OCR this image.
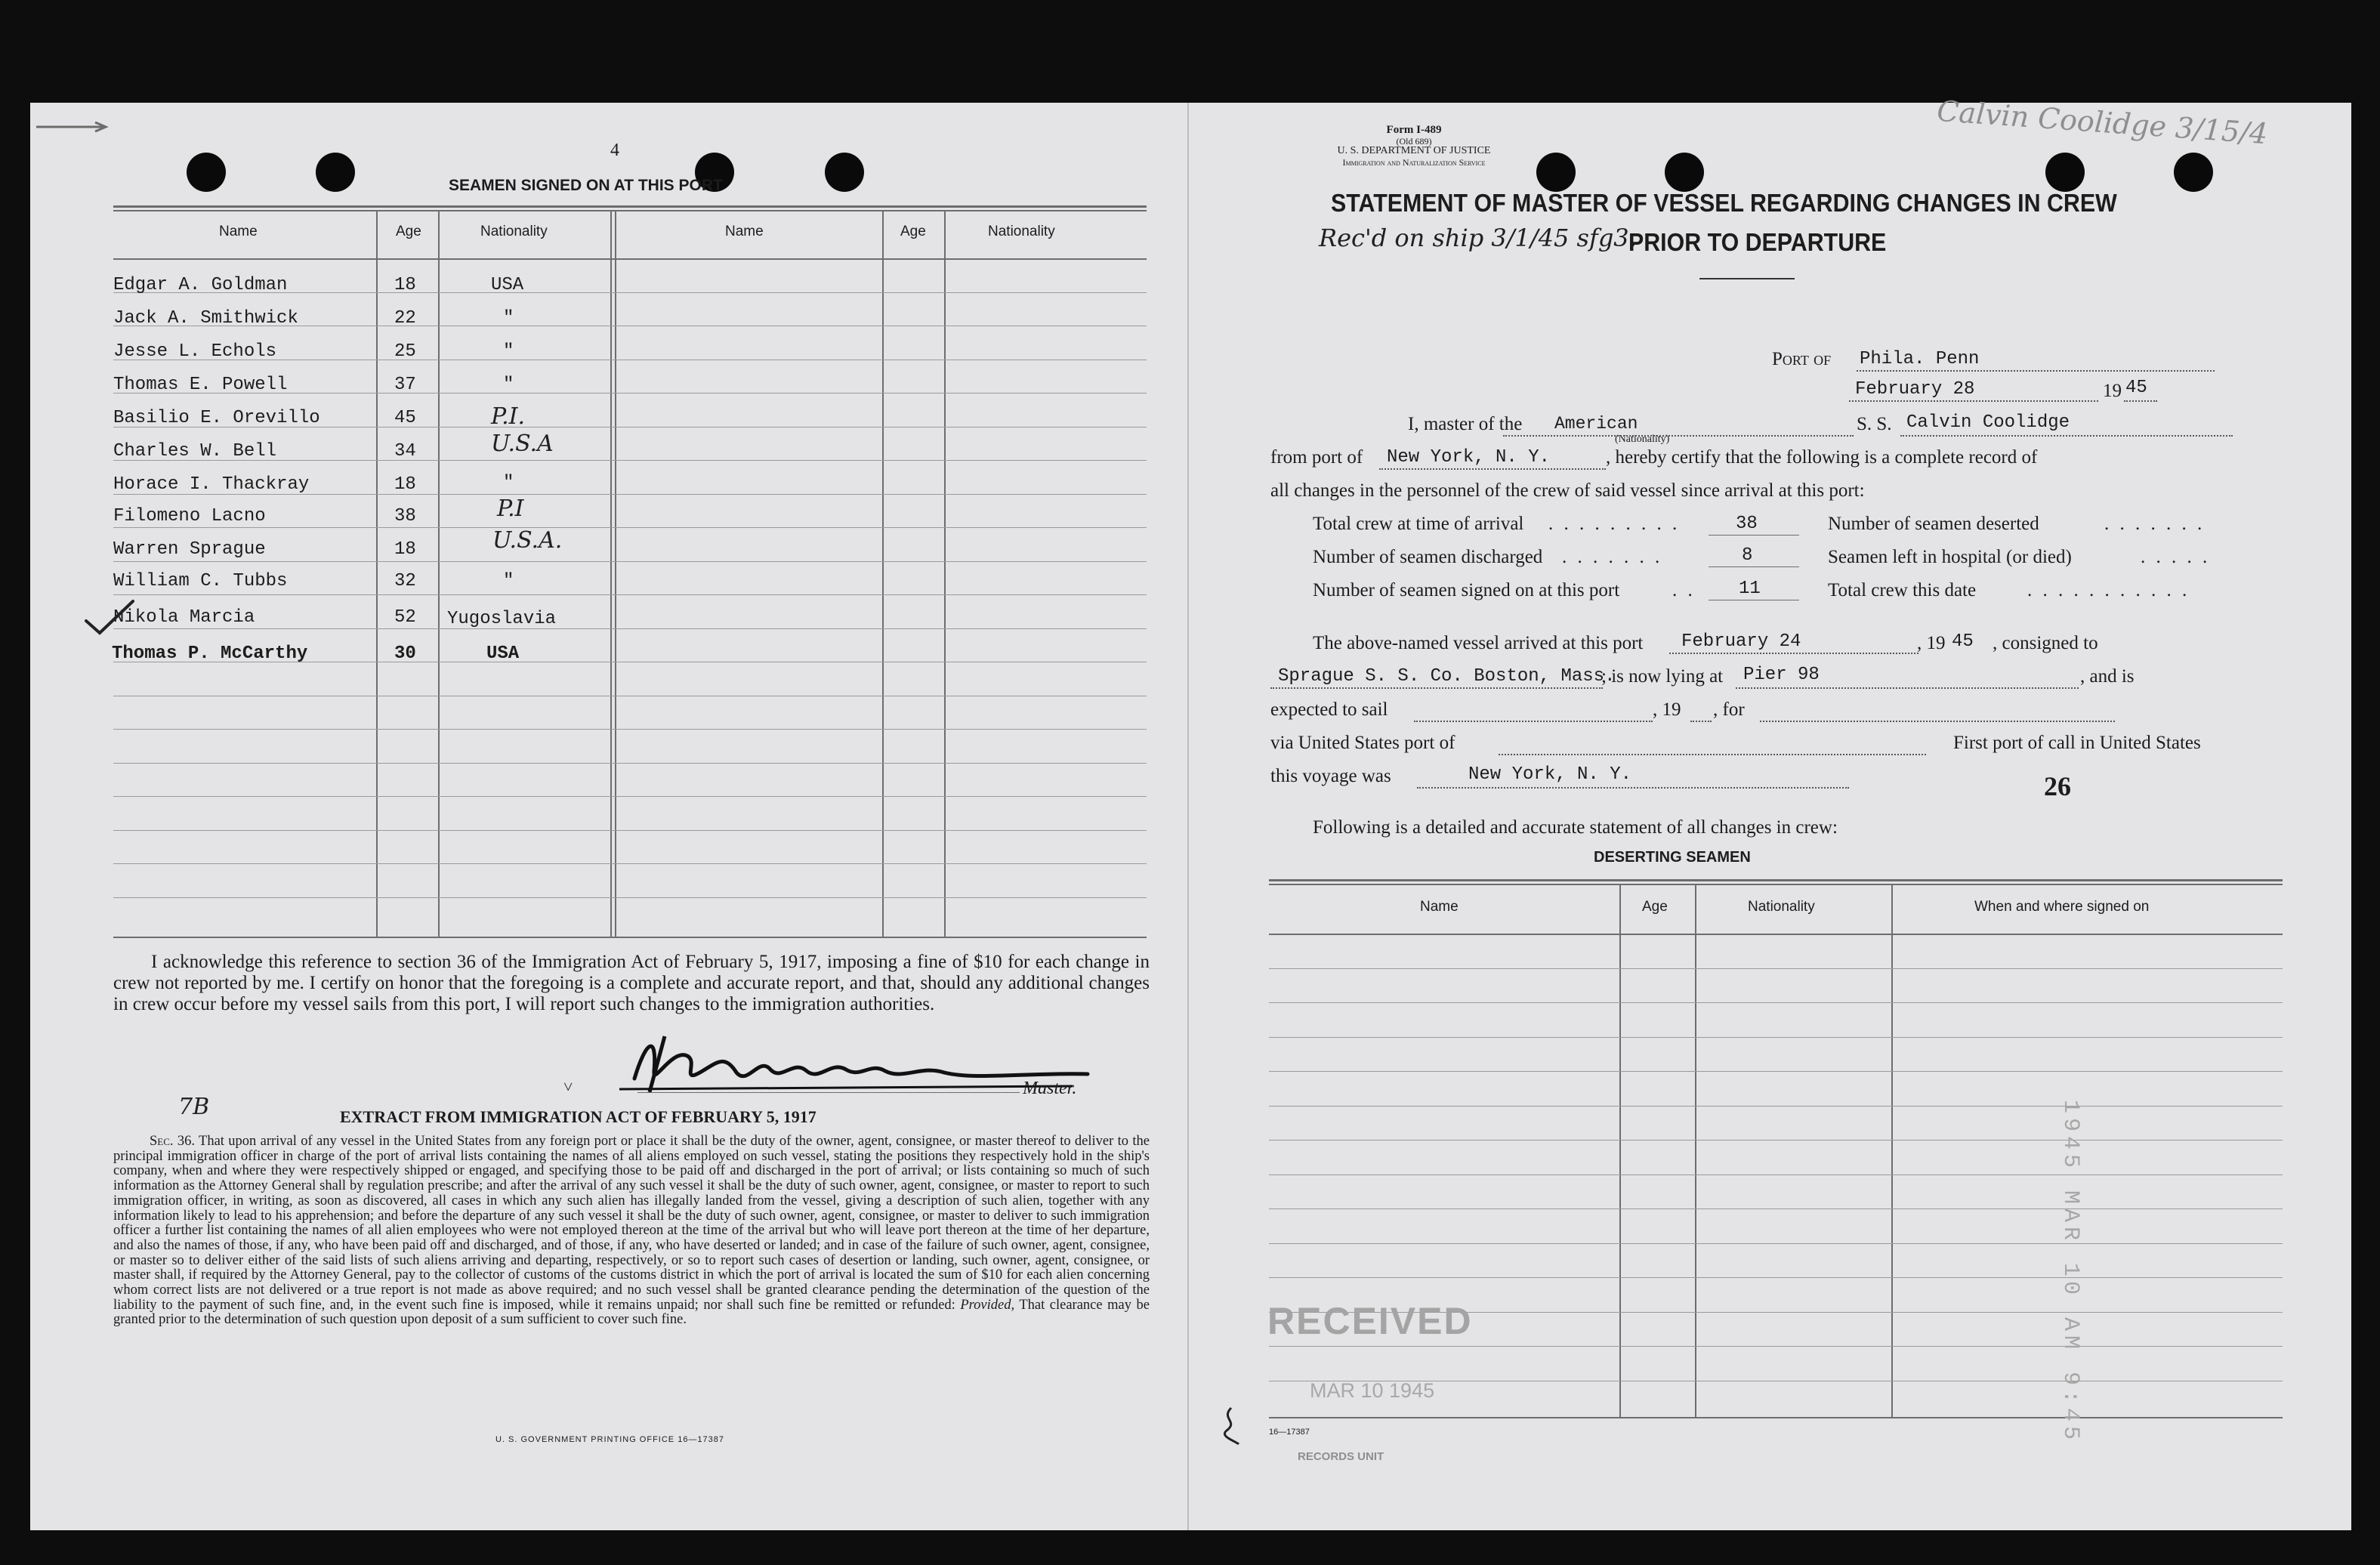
4
SEAMEN SIGNED ON AT THIS PORT
Name	Age	Nationality	Name	Age	Nationality
Edgar A. Goldman	18	USA
Jack A. Smithwick	22	"
Jesse L. Echols	25	"
Thomas E. Powell	37	"
Basilio E. Orevillo	45	P.I.
Charles W. Bell	34	U.S.A
Horace I. Thackray	18	"
Filomeno Lacno	38	P.I
Warren Sprague	18	U.S.A.
William C. Tubbs	32	"
Nikola Marcia	52 Yugoslavia
Thomas P. McCarthy	30	USA
I acknowledge this reference to section 36 of the Immigration Act of February 5, 1917, imposing a fine of $10 for each change in crew not reported by me. I certify on honor that the foregoing is a complete and accurate report, and that, should any additional changes in crew occur before my vessel sails from this port, I will report such changes to the immigration authorities.
˅	Master.
7B	EXTRACT FROM IMMIGRATION ACT OF FEBRUARY 5, 1917
Sec. 36. That upon arrival of any vessel in the United States from any foreign port or place it shall be the duty of the owner, agent, consignee, or master thereof to deliver to the principal immigration officer in charge of the port of arrival lists containing the names of all aliens employed on such vessel, stating the positions they respectively hold in the ship's company, when and where they were respectively shipped or engaged, and specifying those to be paid off and discharged in the port of arrival; or lists containing so much of such information as the Attorney General shall by regulation prescribe; and after the arrival of any such vessel it shall be the duty of such owner, agent, consignee, or master to report to such immigration officer, in writing, as soon as discovered, all cases in which any such alien has illegally landed from the vessel, giving a description of such alien, together with any information likely to lead to his apprehension; and before the departure of any such vessel it shall be the duty of such owner, agent, consignee, or master to deliver to such immigration officer a further list containing the names of all alien employees who were not employed thereon at the time of the arrival but who will leave port thereon at the time of her departure, and also the names of those, if any, who have been paid off and discharged, and of those, if any, who have deserted or landed; and in case of the failure of such owner, agent, consignee, or master so to deliver either of the said lists of such aliens arriving and departing, respectively, or so to report such cases of desertion or landing, such owner, agent, consignee, or master shall, if required by the Attorney General, pay to the collector of customs of the customs district in which the port of arrival is located the sum of $10 for each alien concerning whom correct lists are not delivered or a true report is not made as above required; and no such vessel shall be granted clearance pending the determination of the question of the liability to the payment of such fine, and, in the event such fine is imposed, while it remains unpaid; nor shall such fine be remitted or refunded: Provided, That clearance may be granted prior to the determination of such question upon deposit of a sum sufficient to cover such fine.
U. S. GOVERNMENT PRINTING OFFICE 16—17387
Form I-489
(Old 689)
U. S. DEPARTMENT OF JUSTICE
Immigration and Naturalization Service
Calvin Coolidge 3/15/4
STATEMENT OF MASTER OF VESSEL REGARDING CHANGES IN CREW
Rec'd on ship 3/1/45 sfg3.
PRIOR TO DEPARTURE
Port of Phila. Penn
February 28	19 45
I, master of the American
(Nationality)
S. S. Calvin Coolidge
from port of New York, N. Y.	, hereby certify that the following is a complete record of
all changes in the personnel of the crew of said vessel since arrival at this port:
Total crew at time of arrival . . . . . . . . .	38	Number of seamen deserted	. . . . . . .
Number of seamen discharged . . . . . . .	8	Seamen left in hospital (or died)	. . . . .
Number of seamen signed on at this port	. . 11	Total crew this date	. . . . . . . . . . .
The above-named vessel arrived at this port February 24	, 19 45 , consigned to
Sprague S. S. Co. Boston, Mass.
; is now lying at Pier 98	, and is
expected to sail	, 19 , for
via United States port of	First port of call in United States
this voyage was	New York, N. Y.	26
Following is a detailed and accurate statement of all changes in crew:
DESERTING SEAMEN
Name	Age	Nationality	When and where signed on
1945 MAR 10 AM 9:45
RECEIVED
MAR 10 1945
16—17387
RECORDS UNIT
